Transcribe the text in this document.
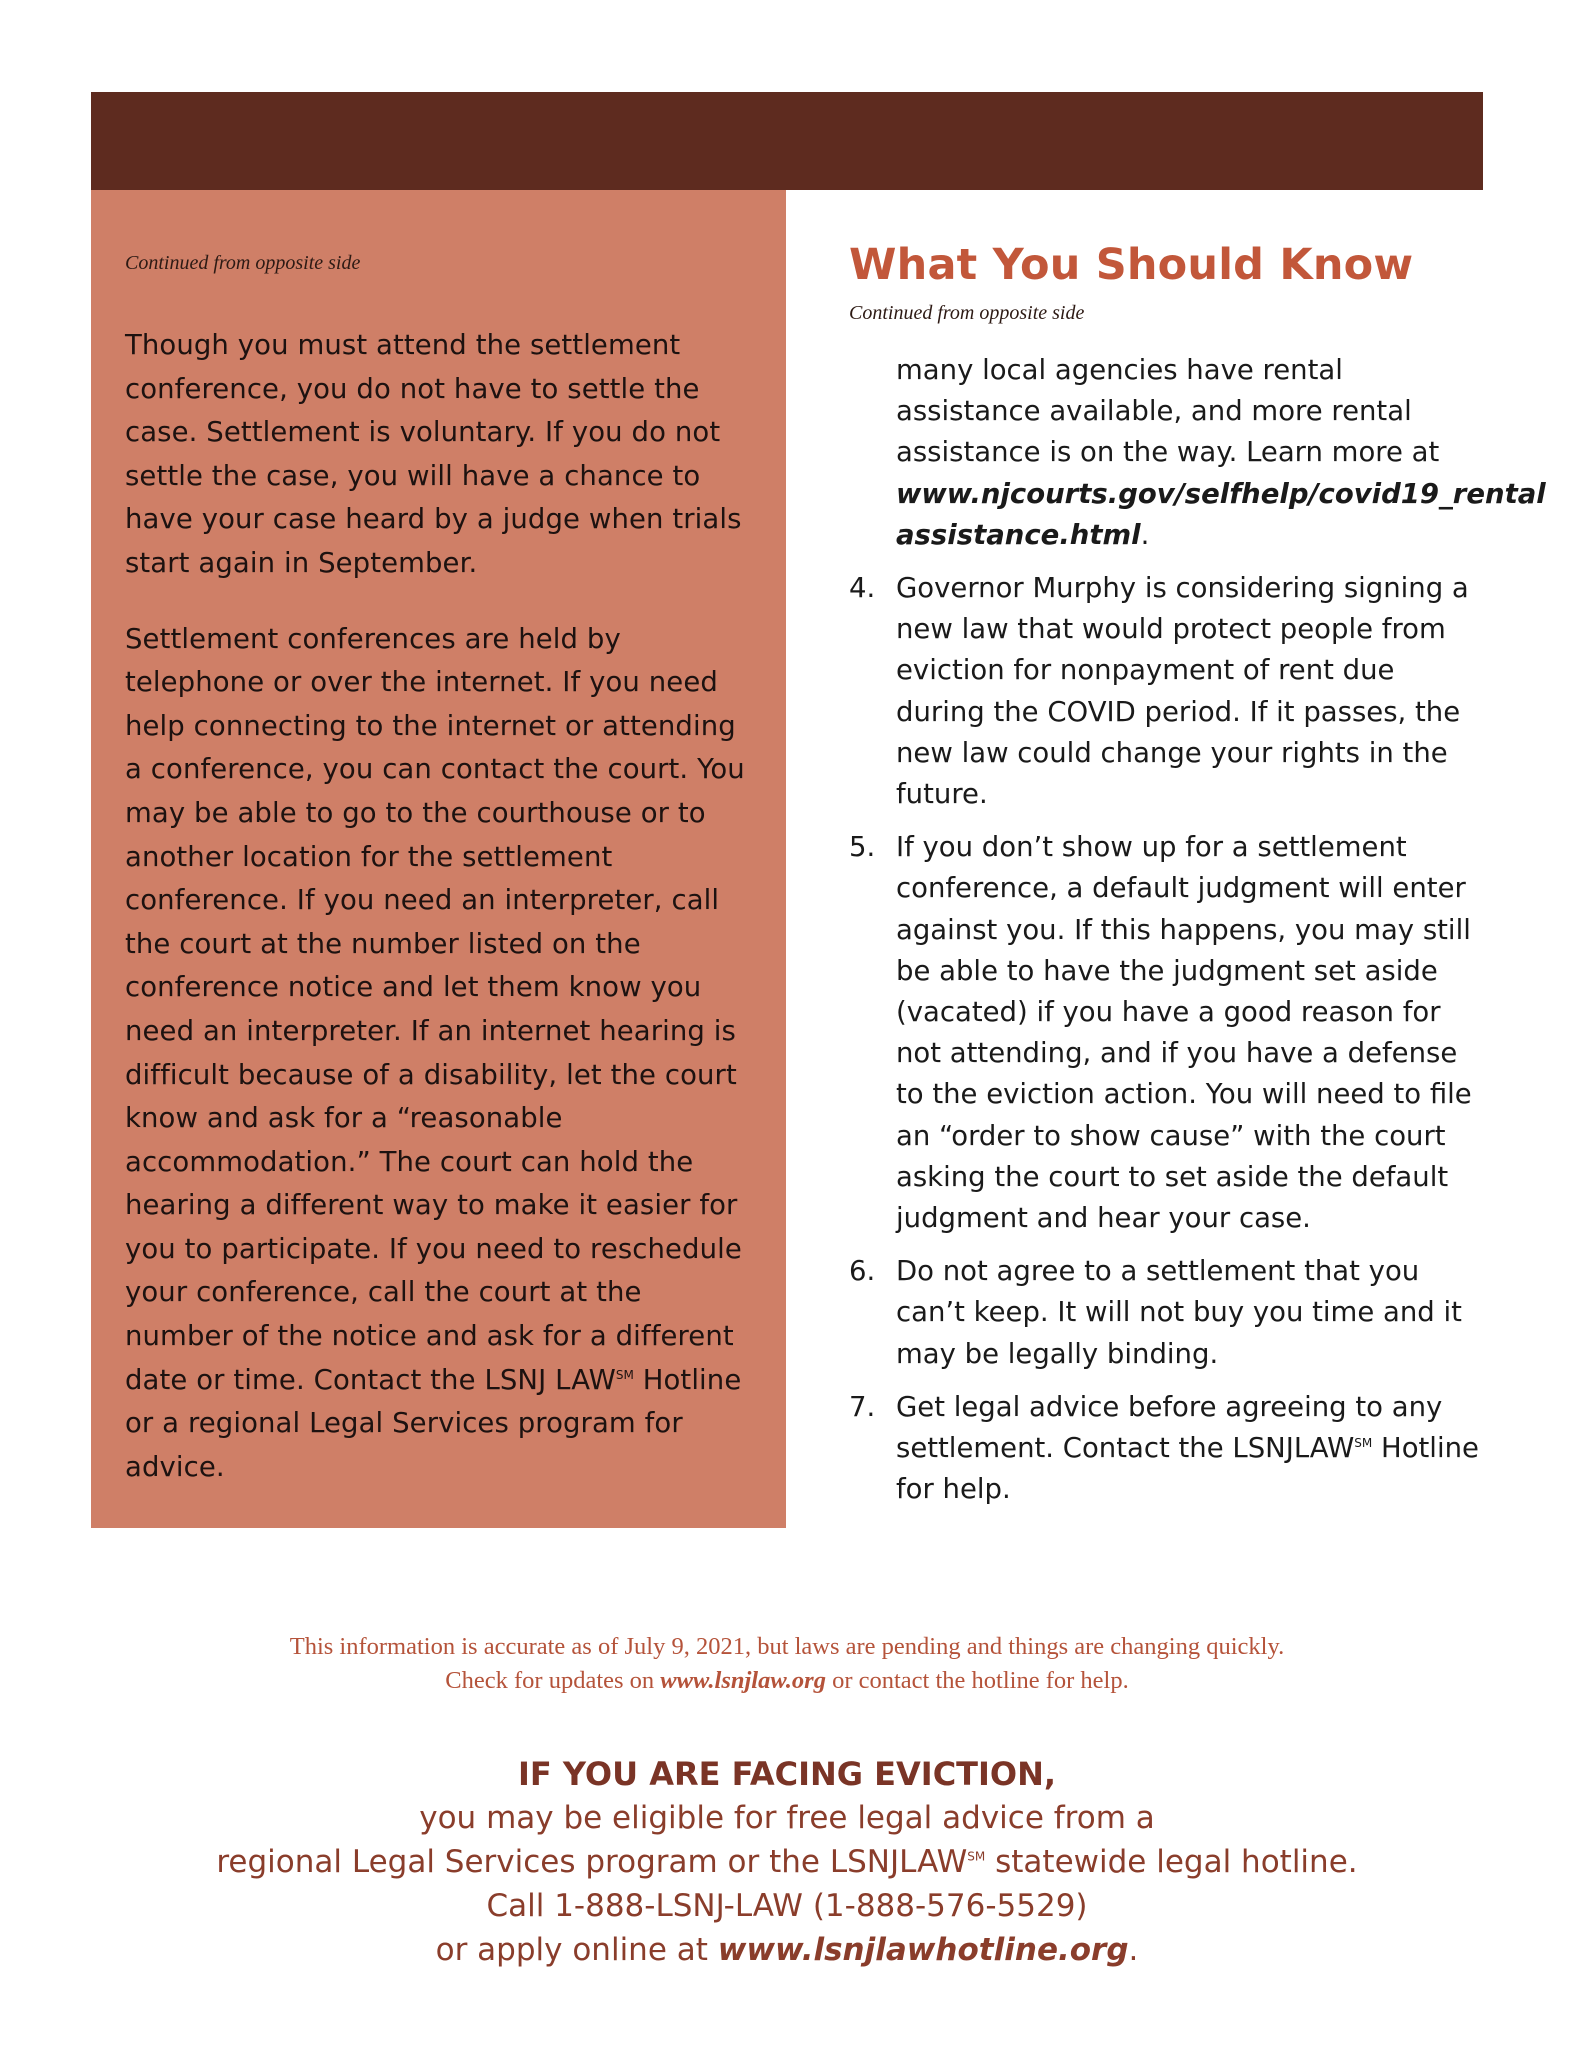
Continued from opposite side

Though you must attend the settlement conference, you do not have to settle the case. Settlement is voluntary. If you do not settle the case, you will have a chance to have your case heard by a judge when trials start again in September.

Settlement conferences are held by telephone or over the internet. If you need help connecting to the internet or attending a conference, you can contact the court. You may be able to go to the courthouse or to another location for the settlement conference. If you need an interpreter, call the court at the number listed on the conference notice and let them know you need an interpreter. If an internet hearing is difficult because of a disability, let the court know and ask for a “reasonable accommodation.” The court can hold the hearing a different way to make it easier for you to participate. If you need to reschedule your conference, call the court at the number of the notice and ask for a different date or time. Contact the LSNJ LAW℠ Hotline or a regional Legal Services program for advice.

What You Should Know

Continued from opposite side

many local agencies have rental assistance available, and more rental assistance is on the way. Learn more at www.njcourts.gov/selfhelp/covid19_rental assistance.html.

4. Governor Murphy is considering signing a new law that would protect people from eviction for nonpayment of rent due during the COVID period. If it passes, the new law could change your rights in the future.
5. If you don’t show up for a settlement conference, a default judgment will enter against you. If this happens, you may still be able to have the judgment set aside (vacated) if you have a good reason for not attending, and if you have a defense to the eviction action. You will need to file an “order to show cause” with the court asking the court to set aside the default judgment and hear your case.
6. Do not agree to a settlement that you can’t keep. It will not buy you time and it may be legally binding.
7. Get legal advice before agreeing to any settlement. Contact the LSNJLAW℠ Hotline for help.
This information is accurate as of July 9, 2021, but laws are pending and things are changing quickly.
Check for updates on www.lsnjlaw.org or contact the hotline for help.
IF YOU ARE FACING EVICTION,
you may be eligible for free legal advice from a
regional Legal Services program or the LSNJLAW℠ statewide legal hotline.
Call 1-888-LSNJ-LAW (1-888-576-5529)
or apply online at www.lsnjlawhotline.org.
